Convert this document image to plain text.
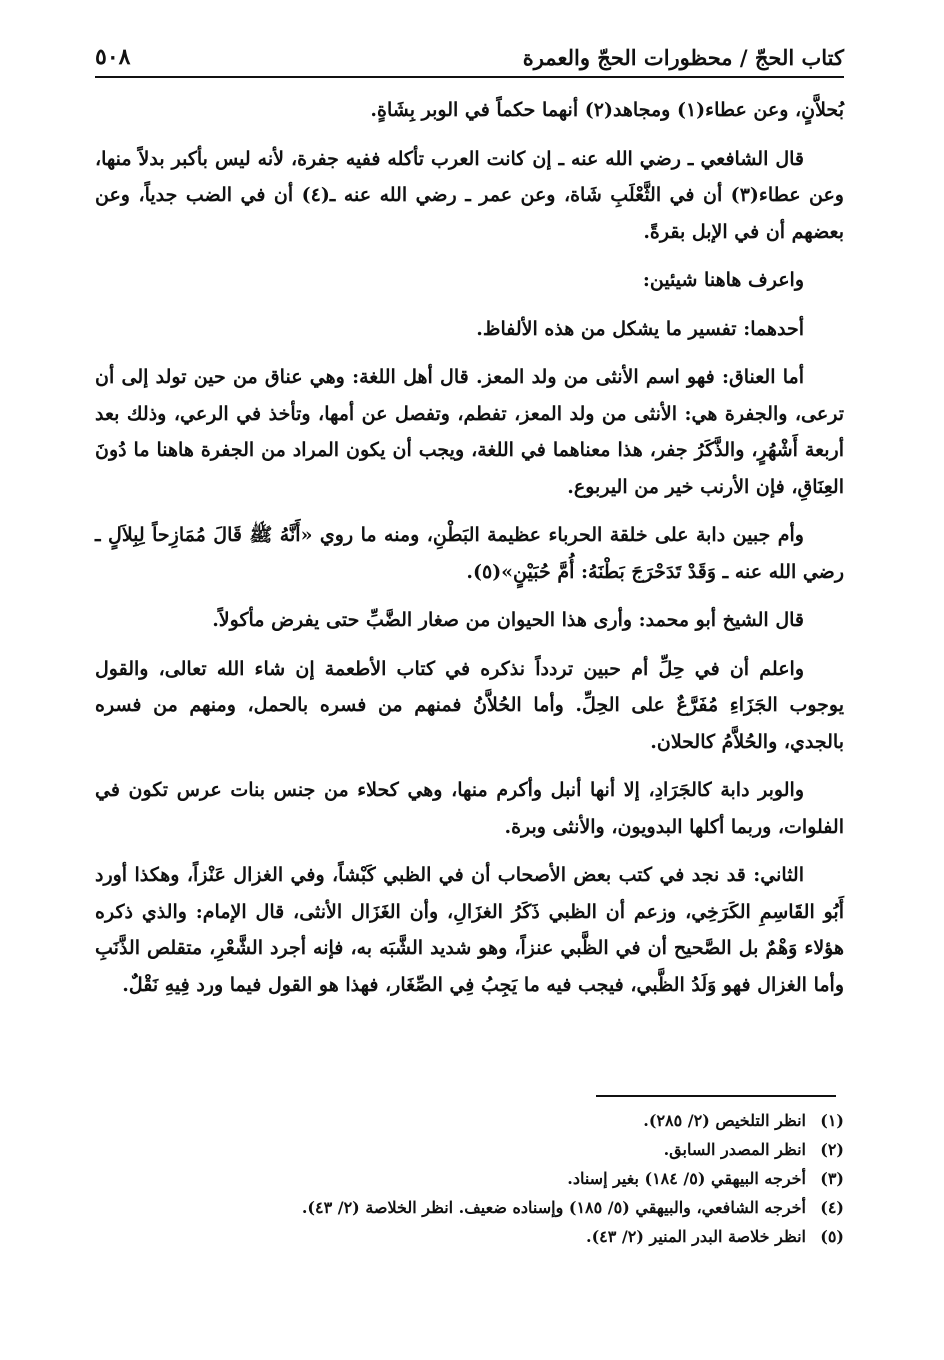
كتاب الحجّ / محظورات الحجّ والعمرة
٥٠٨

بُحلاَّنٍ، وعن عطاء(١) ومجاهد(٢) أنهما حكماً في الوبر بِشَاةٍ.

قال الشافعي ـ رضي الله عنه ـ إن كانت العرب تأكله ففيه جفرة، لأنه ليس بأكبر بدلاً منها، وعن عطاء(٣) أن في الثَّعْلَبِ شَاة، وعن عمر ـ رضي الله عنه ـ(٤) أن في الضب جدياً، وعن بعضهم أن في الإبل بقرةً.

واعرف هاهنا شيئين:

أحدهما: تفسير ما يشكل من هذه الألفاظ.

أما العناق: فهو اسم الأنثى من ولد المعز. قال أهل اللغة: وهي عناق من حين تولد إلى أن ترعى، والجفرة هي: الأنثى من ولد المعز، تفطم، وتفصل عن أمها، وتأخذ في الرعي، وذلك بعد أربعة أَشْهُرٍ، والذَّكَرُ جفر، هذا معناهما في اللغة، ويجب أن يكون المراد من الجفرة هاهنا ما دُونَ العِنَاقِ، فإن الأرنب خير من اليربوع.

وأم جبين دابة على خلقة الحرباء عظيمة البَطْنِ، ومنه ما روي «أَنَّهُ ﷺ قَالَ مُمَازِحاً لِبِلاَلٍ ـ رضي الله عنه ـ وَقَدْ تَدَحْرَجَ بَطْنَهُ: أُمَّ حُبَيْنٍ»(٥).

قال الشيخ أبو محمد: وأرى هذا الحيوان من صغار الضَّبِّ حتى يفرض مأكولاً.

واعلم أن في حِلِّ أم حبين تردداً نذكره في كتاب الأطعمة إن شاء الله تعالى، والقول يوجوب الجَزَاءِ مُفَرَّعٌ على الحِلِّ. وأما الحُلاَّنُ فمنهم من فسره بالحمل، ومنهم من فسره بالجدي، والحُلاَّمُ كالحلان.

والوبر دابة كالجَرَادِ، إلا أنها أنبل وأكرم منها، وهي كحلاء من جنس بنات عرس تكون في الفلوات، وربما أكلها البدويون، والأنثى وبرة.

الثاني: قد نجد في كتب بعض الأصحاب أن في الظبي كَبْشاً، وفي الغزال عَنْزاً، وهكذا أورد أَبُو القَاسِمِ الكَرَخِي، وزعم أن الظبي ذَكَرُ الغزَالِ، وأن الغَزَال الأنثى، قال الإمام: والذي ذكره هؤلاء وَهْمٌ بل الصَّحيح أن في الظَّبي عنزاً، وهو شديد الشَّبَه به، فإنه أجرد الشَّعْرِ، متقلص الذَّنَبِ وأما الغزال فهو وَلَدُ الظَّبي، فيجب فيه ما يَجِبُ فِي الصِّغَار، فهذا هو القول فيما ورد فِيهِ نَقْلٌ.

(١)
انظر التلخيص (٢/ ٢٨٥).
(٢)
انظر المصدر السابق.
(٣)
أخرجه البيهقي (٥/ ١٨٤) بغير إسناد.
(٤)
أخرجه الشافعي، والبيهقي (٥/ ١٨٥) وإسناده ضعيف. انظر الخلاصة (٢/ ٤٣).
(٥)
انظر خلاصة البدر المنير (٢/ ٤٣).
